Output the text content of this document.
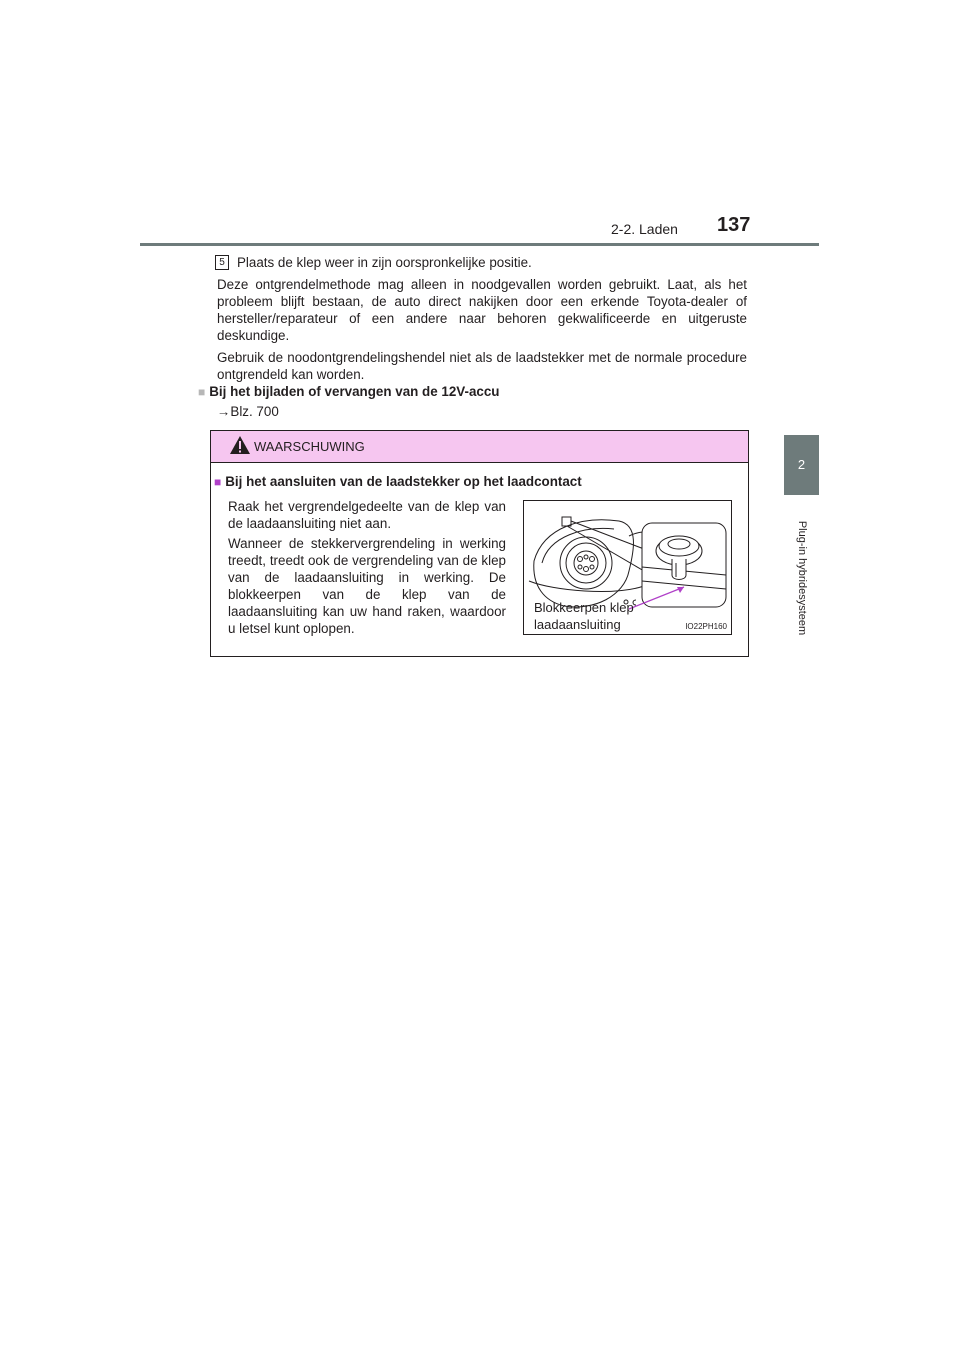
2-2. Laden 137
2
Plug-in hybridesysteem
5 Plaats de klep weer in zijn oorspronkelijke positie.
Deze ontgrendelmethode mag alleen in noodgevallen worden gebruikt. Laat, als het probleem blijft bestaan, de auto direct nakijken door een erkende Toyota-dealer of hersteller/reparateur of een andere naar behoren gekwalificeerde en uitgeruste deskundige.
Gebruik de noodontgrendelingshendel niet als de laadstekker met de normale procedure ontgrendeld kan worden.
■ Bij het bijladen of vervangen van de 12V-accu
→Blz. 700
WAARSCHUWING
■ Bij het aansluiten van de laadstekker op het laadcontact
Raak het vergrendelgedeelte van de klep van de laadaansluiting niet aan.
Wanneer de stekkervergrendeling in werking treedt, treedt ook de vergrendeling van de klep van de laadaansluiting in werking. De blokkeerpen van de klep van de laadaansluiting kan uw hand raken, waardoor u letsel kunt oplopen.
Blokkeerpen klep
laadaansluiting	IO22PH160
